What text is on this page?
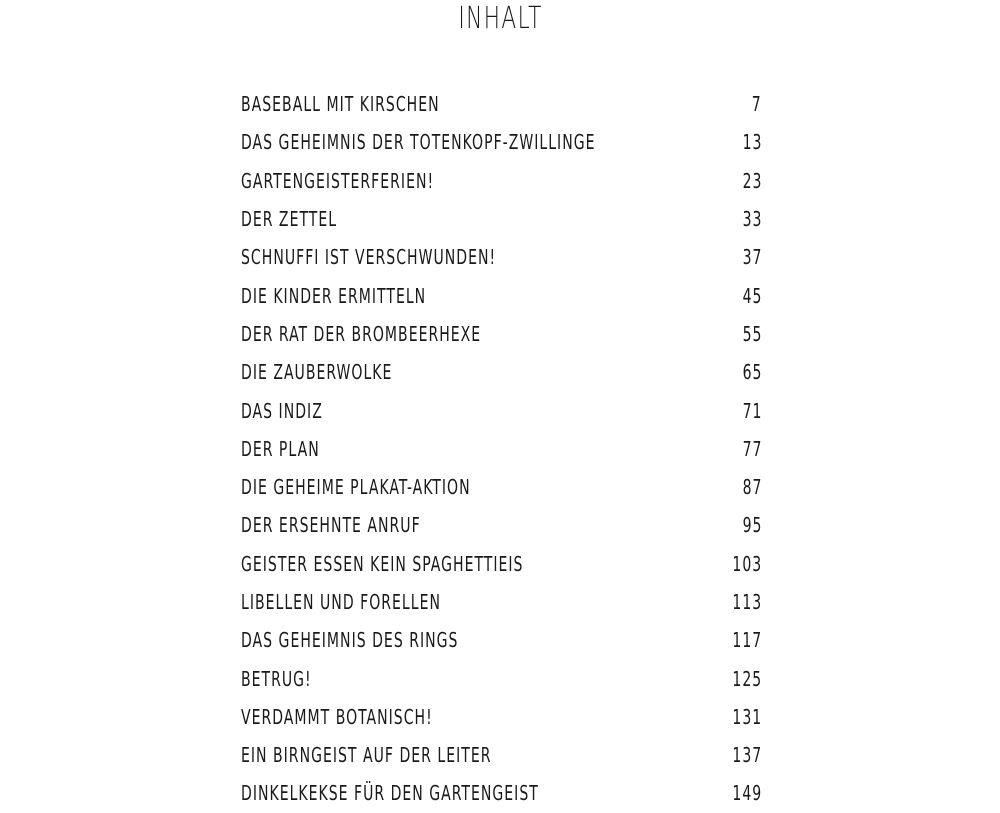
INHALT
BASEBALL MIT KIRSCHEN	7
DAS GEHEIMNIS DER TOTENKOPF-ZWILLINGE	13
GARTENGEISTERFERIEN!	23
DER ZETTEL	33
SCHNUFFI IST VERSCHWUNDEN!	37
DIE KINDER ERMITTELN	45
DER RAT DER BROMBEERHEXE	55
DIE ZAUBERWOLKE	65
DAS INDIZ	71
DER PLAN	77
DIE GEHEIME PLAKAT-AKTION	87
DER ERSEHNTE ANRUF	95
GEISTER ESSEN KEIN SPAGHETTIEIS	103
LIBELLEN UND FORELLEN	113
DAS GEHEIMNIS DES RINGS	117
BETRUG!	125
VERDAMMT BOTANISCH!	131
EIN BIRNGEIST AUF DER LEITER	137
DINKELKEKSE FÜR DEN GARTENGEIST	149
